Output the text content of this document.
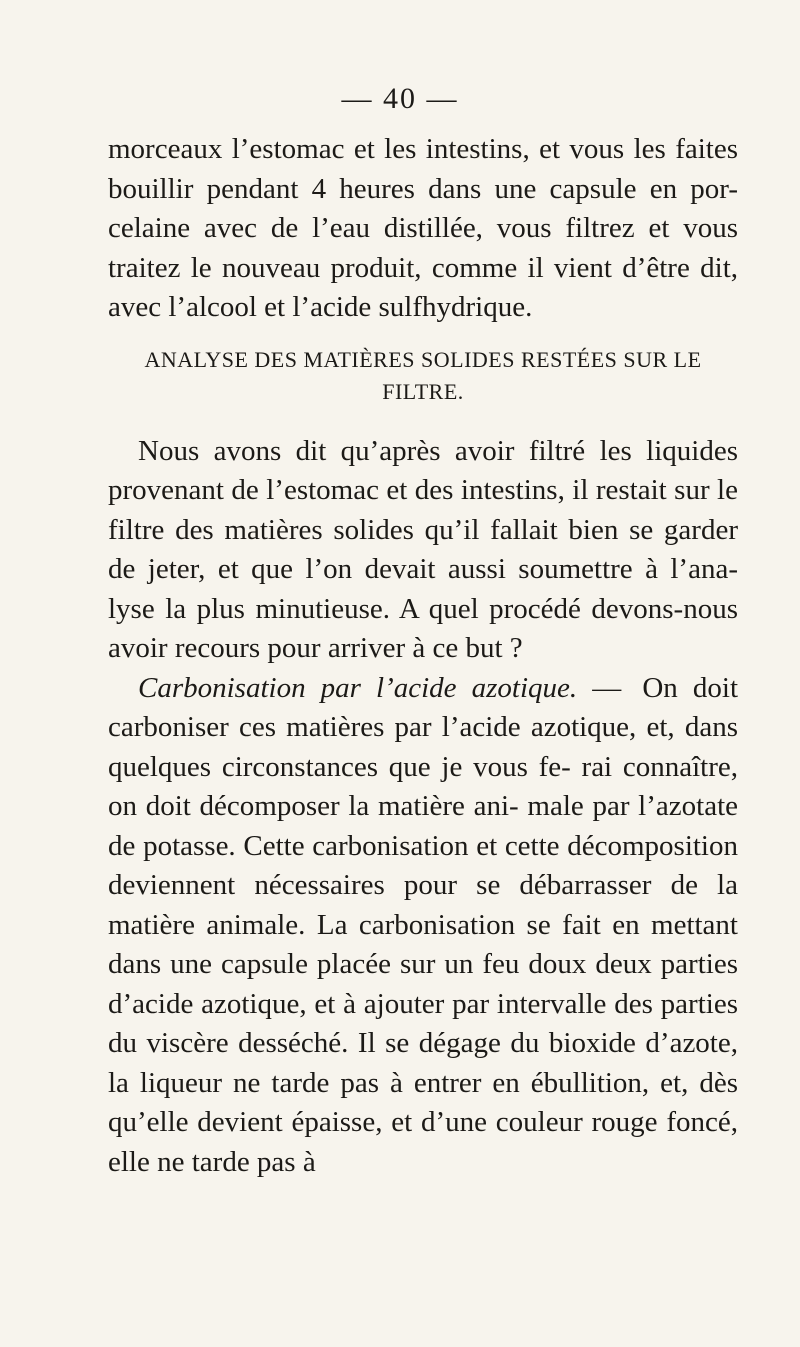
— 40 —

morceaux l’estomac et les intestins, et vous les faites bouillir pendant 4 heures dans une capsule en por- celaine avec de l’eau distillée, vous filtrez et vous traitez le nouveau produit, comme il vient d’être dit, avec l’alcool et l’acide sulfhydrique.

ANALYSE DES MATIÈRES SOLIDES RESTÉES SUR LE FILTRE.

Nous avons dit qu’après avoir filtré les liquides provenant de l’estomac et des intestins, il restait sur le filtre des matières solides qu’il fallait bien se garder de jeter, et que l’on devait aussi soumettre à l’ana- lyse la plus minutieuse. A quel procédé devons-nous avoir recours pour arriver à ce but ?

Carbonisation par l’acide azotique. — On doit carboniser ces matières par l’acide azotique, et, dans quelques circonstances que je vous fe- rai connaître, on doit décomposer la matière ani- male par l’azotate de potasse. Cette carbonisation et cette décomposition deviennent nécessaires pour se débarrasser de la matière animale. La carbonisation se fait en mettant dans une capsule placée sur un feu doux deux parties d’acide azotique, et à ajouter par intervalle des parties du viscère desséché. Il se dégage du bioxide d’azote, la liqueur ne tarde pas à entrer en ébullition, et, dès qu’elle devient épaisse, et d’une couleur rouge foncé, elle ne tarde pas à
